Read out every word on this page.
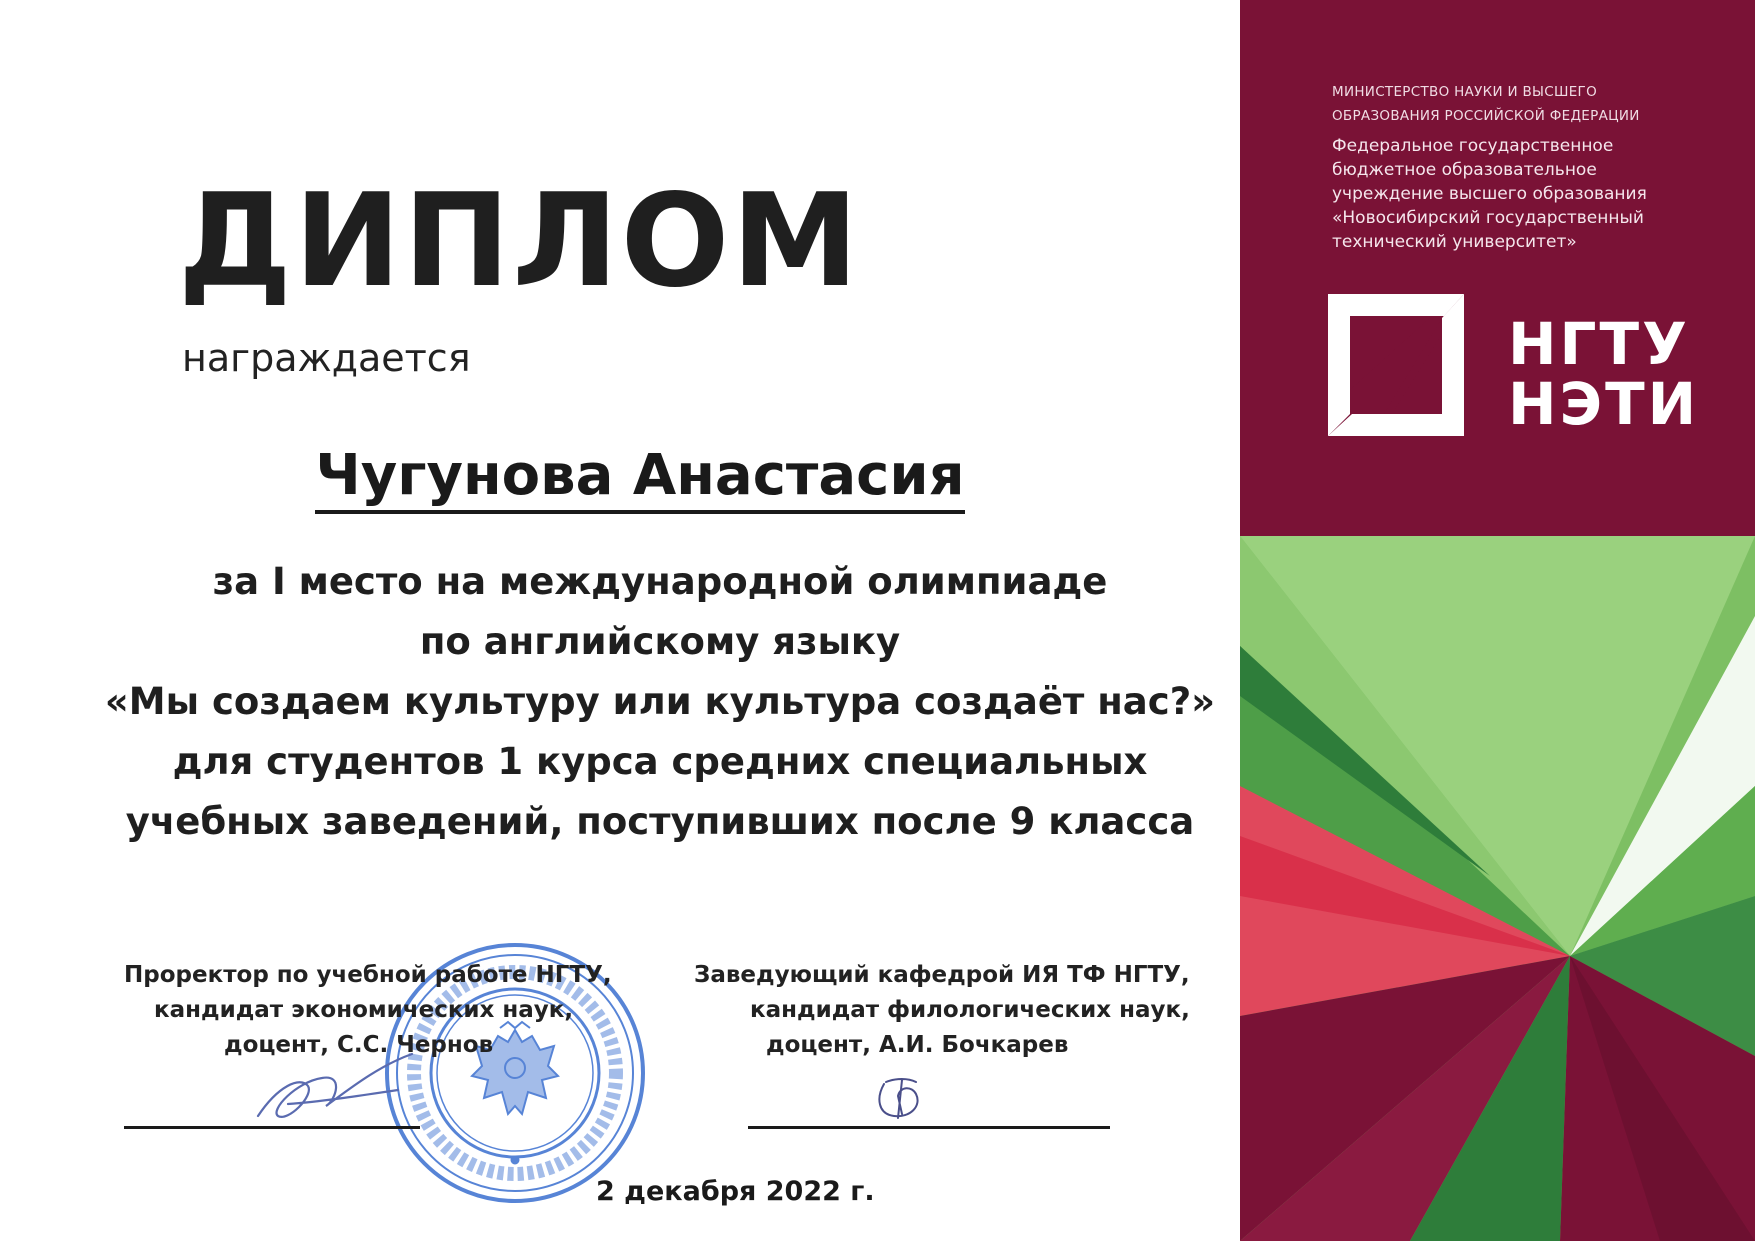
ДИПЛОМ
награждается
Чугунова Анастасия
за I место на международной олимпиаде
по английскому языку
«Мы создаем культуру или культура создаёт нас?»
для студентов 1 курса средних специальных
учебных заведений, поступивших после 9 класса
Проректор по учебной работе НГТУ,
кандидат экономических наук,
доцент, С.С. Чернов
Заведующий кафедрой ИЯ ТФ НГТУ,
кандидат филологических наук,
доцент, А.И. Бочкарев
2 декабря 2022 г.
МИНИСТЕРСТВО НАУКИ И ВЫСШЕГО
ОБРАЗОВАНИЯ РОССИЙСКОЙ ФЕДЕРАЦИИ
Федеральное государственное
бюджетное образовательное
учреждение высшего образования
«Новосибирский государственный
технический университет»
НГТУ
НЭТИ
